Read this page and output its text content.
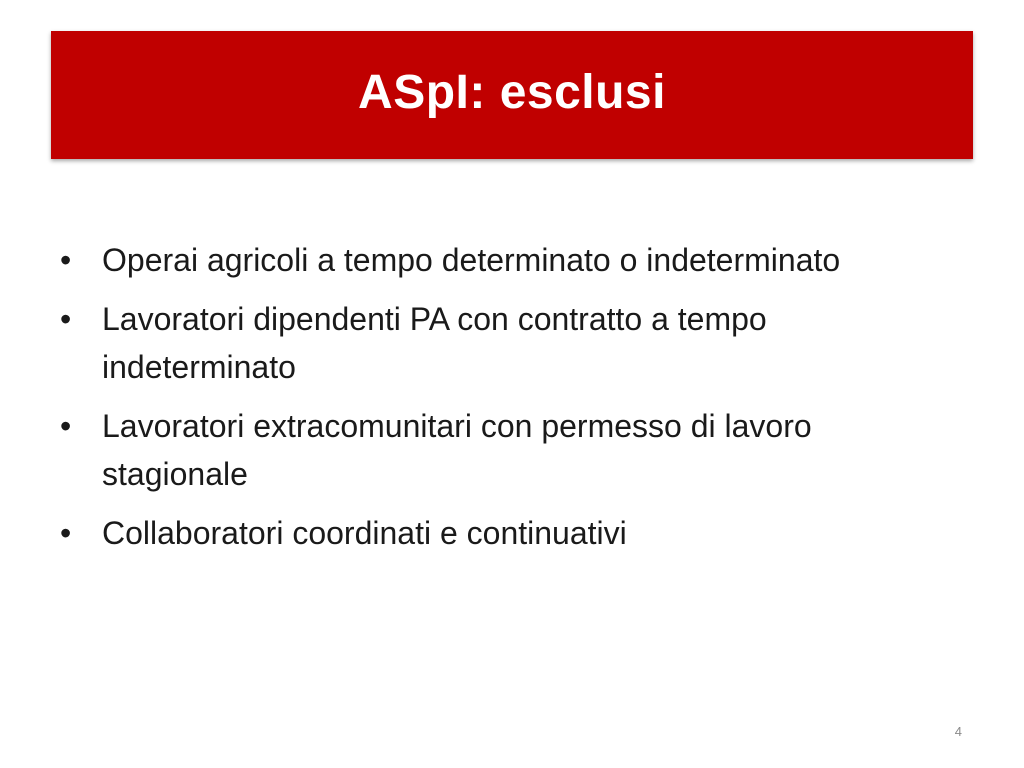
ASpI: esclusi
• Operai agricoli a tempo determinato o indeterminato
• Lavoratori dipendenti PA con contratto a tempo indeterminato
• Lavoratori extracomunitari con permesso di lavoro stagionale
• Collaboratori coordinati e continuativi
4
